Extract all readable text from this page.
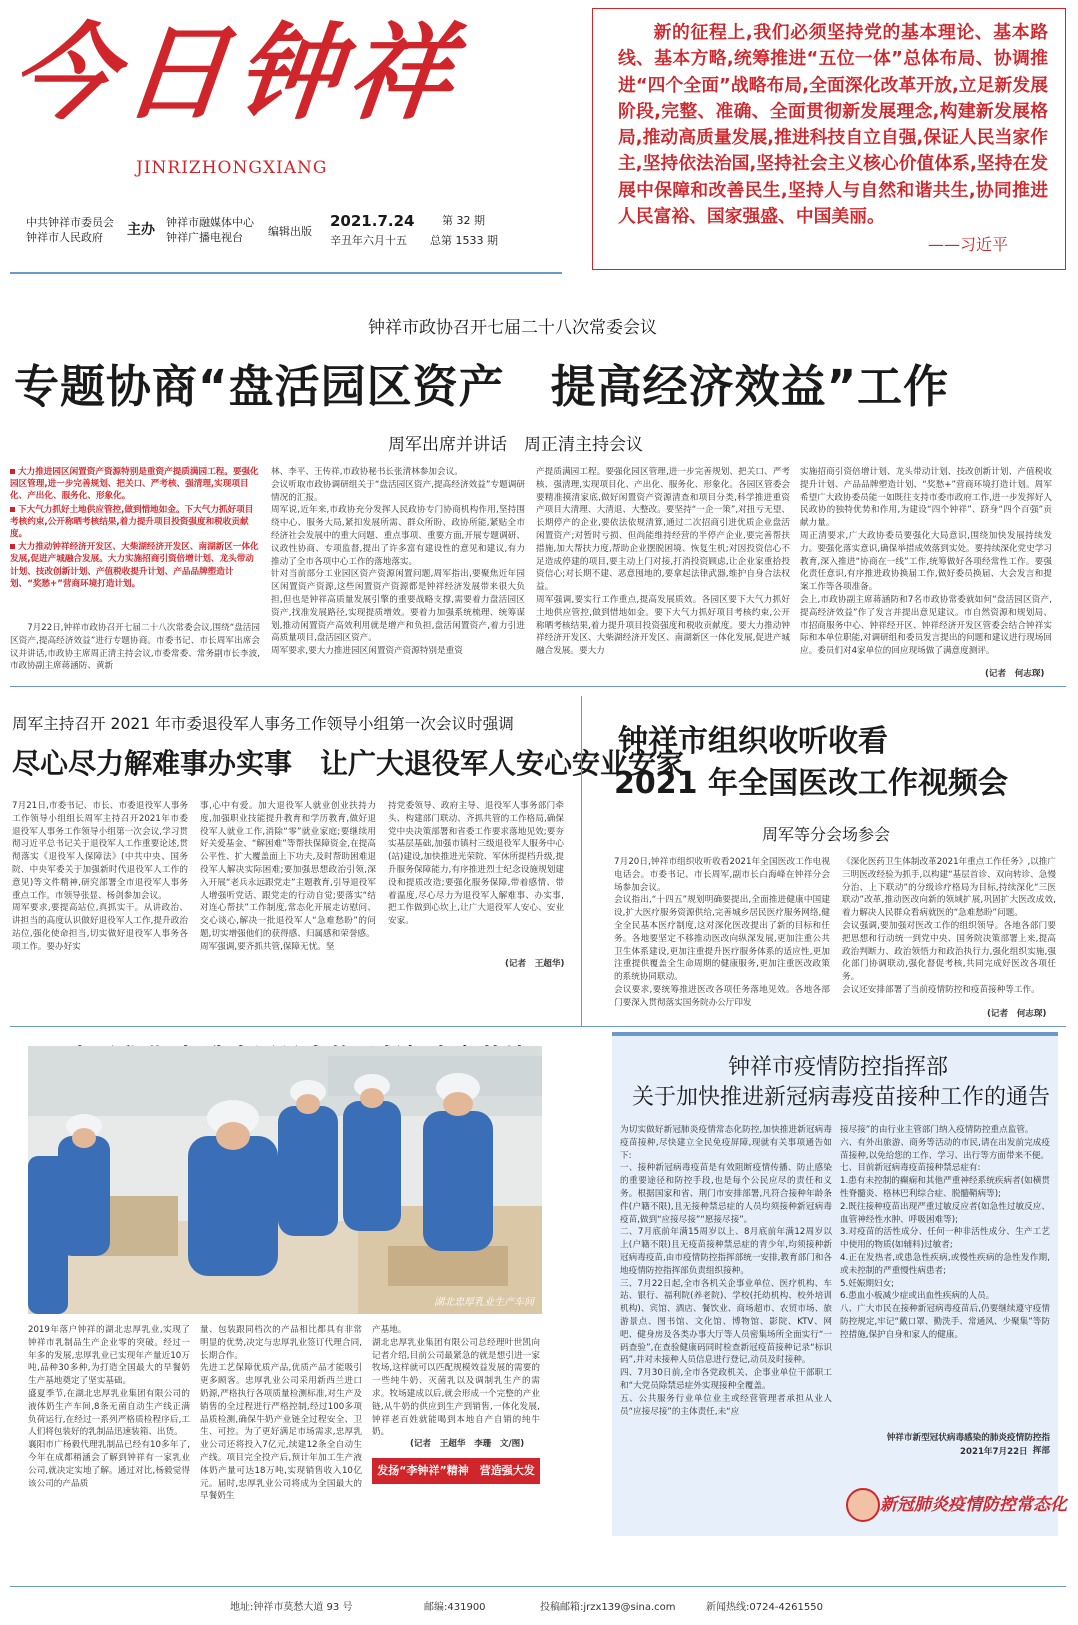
今日钟祥
JINRIZHONGXIANG
中共钟祥市委员会
钟祥市人民政府	主办 钟祥市融媒体中心
钟祥广播电视台	编辑出版
2021.7.24
辛丑年六月十五
第 32 期
总第 1533 期
新的征程上,我们必须坚持党的基本理论、基本路线、基本方略,统筹推进“五位一体”总体布局、协调推进“四个全面”战略布局,全面深化改革开放,立足新发展阶段,完整、准确、全面贯彻新发展理念,构建新发展格局,推动高质量发展,推进科技自立自强,保证人民当家作主,坚持依法治国,坚持社会主义核心价值体系,坚持在发展中保障和改善民生,坚持人与自然和谐共生,协同推进人民富裕、国家强盛、中国美丽。
——习近平
钟祥市政协召开七届二十八次常委会议
专题协商“盘活园区资产　提高经济效益”工作
周军出席并讲话　周正清主持会议
大力推进园区闲置资产资源特别是重资产提质满园工程。要强化园区管理,进一步完善规划、把关口、严考核、强清理,实现项目化、产出化、服务化、形象化。
下大气力抓好土地供应管控,做到惜地如金。下大气力抓好项目考核约束,公开称晒考核结果,着力提升项目投资强度和税收贡献度。
大力推动钟祥经济开发区、大柴湖经济开发区、南湖新区一体化发展,促进产城融合发展。大力实施招商引资倍增计划、龙头带动计划、技改创新计划、产值税收提升计划、产品品牌塑造计划、“奖愁+”营商环境打造计划。

7月22日,钟祥市政协召开七届二十八次常委会议,围绕“盘活园区资产,提高经济效益”进行专题协商。市委书记、市长周军出席会议并讲话,市政协主席周正清主持会议,市委常委、常务副市长李波,市政协副主席蒋涵防、黄新

林、李平、王传祥,市政协秘书长张清林参加会议。
会议听取市政协调研组关于“盘活园区资产,提高经济效益”专题调研情况的汇报。
周军说,近年来,市政协充分发挥人民政协专门协商机构作用,坚持围绕中心、服务大局,紧扣发展所需、群众所盼、政协所能,紧贴全市经济社会发展中的重大问题、重点事项、重要方面,开展专题调研、议政性协商、专项监督,提出了许多富有建设性的意见和建议,有力推动了全市各项中心工作的落地落实。
针对当前部分工业园区资产资源闲置问题,周军指出,要聚焦近年园区闲置资产资源,这些闲置资产资源都是钟祥经济发展带来很大负担,但也是钟祥高质量发展引擎的重要战略支撑,需要着力盘活园区资产,找准发展路径,实现提质增效。要着力加强系统梳理、统筹谋划,推动闲置资产高效利用就是增产和负担,盘活闲置资产,着力引进高质量项目,盘活园区资产。
周军要求,要大力推进园区闲置资产资源特别是重资
产提质满园工程。要强化园区管理,进一步完善规划、把关口、严考核、强清理,实现项目化、产出化、服务化、形象化。各园区管委会要精准摸清家底,做好闲置资产资源清查和项目分类,科学推进重资产项目大清理、大清退、大整改。要坚持“一企一策”,对扭亏无望、长期停产的企业,要依法依规清算,通过二次招商引进优质企业盘活闲置资产;对暂时亏损、但尚能维持经营的半停产企业,要完善帮扶措施,加大帮扶力度,帮助企业摆脱困境、恢复生机;对因投资信心不足造成停建的项目,要主动上门对接,打消投资顾虑,让企业家重拾投资信心;对长期不建、恶意囤地的,要拿起法律武器,维护自身合法权益。
周军强调,要实行工作重点,提高发展质效。各园区要下大气力抓好土地供应管控,做到惜地如金。要下大气力抓好项目考核约束,公开称晒考核结果,着力提升项目投资强度和税收贡献度。要大力推动钟祥经济开发区、大柴湖经济开发区、南湖新区一体化发展,促进产城融合发展。要大力
实施招商引资倍增计划、龙头带动计划、技改创新计划、产值税收提升计划、产品品牌塑造计划、“奖愁+”营商环境打造计划。周军希望广大政协委员能一如既往支持市委市政府工作,进一步发挥好人民政协的独特优势和作用,为建设“四个钟祥”、跻身“四个百强”贡献力量。
周正清要求,广大政协委员要强化大局意识,围绕加快发展持续发力。要强化落实意识,确保举措成效落到实处。要持续深化党史学习教育,深入推进“协商在一线”工作,统筹做好各项经常性工作。要强化责任意识,有序推进政协换届工作,做好委员换届、大会发言和提案工作等各项准备。
会上,市政协副主席蒋涵防和7名市政协常委就如何“盘活园区资产,提高经济效益”作了发言并提出意见建议。市自然资源和规划局、市招商服务中心、钟祥经开区、钟祥经济开发区管委会结合钟祥实际和本单位职能,对调研组和委员发言提出的问题和建议进行现场回应。委员们对4家单位的回应现场做了满意度测评。
(记者　何志琛)
周军主持召开 2021 年市委退役军人事务工作领导小组第一次会议时强调
尽心尽力解难事办实事　让广大退役军人安心安业安家
7月21日,市委书记、市长、市委退役军人事务工作领导小组组长周军主持召开2021年市委退役军人事务工作领导小组第一次会议,学习贯彻习近平总书记关于退役军人工作重要论述,贯彻落实《退役军人保障法》(中共中央、国务院、中央军委关于加强新时代退役军人工作的意见)等文件精神,研究部署全市退役军人事务重点工作。市领导张显、杨剑参加会议。
周军要求,要提高站位,真抓实干。从讲政治、讲担当的高度认识做好退役军人工作,提升政治站位,强化使命担当,切实做好退役军人事务各项工作。要办好实
事,心中有爱。加大退役军人就业创业扶持力度,加强职业技能提升教育和学历教育,做好退役军人就业工作,消除“零”就业家庭;要继续用好关爱基金、“解困难”等帮扶保障资金,在提高公平性、扩大覆盖面上下功夫,及时帮助困难退役军人解决实际困难;要加强思想政治引领,深入开展“老兵永远跟党走”主题教育,引导退役军人增强听党话、跟党走的行动自觉;要落实“结对连心帮扶”工作制度,常态化开展走访慰问、交心谈心,解决一批退役军人“急难愁盼”的问题,切实增强他们的获得感、归属感和荣誉感。
周军强调,要齐抓共管,保障无忧。坚
持党委领导、政府主导、退役军人事务部门牵头、构建部门联动、齐抓共管的工作格局,确保党中央决策部署和省委工作要求落地见效;要夯实基层基础,加强市镇村三级退役军人服务中心(站)建设,加快推进光荣院、军休所提档升级,提升服务保障能力,有序推进烈士纪念设施规划建设和提质改造;要强化服务保障,带着感情、带着温度,尽心尽力为退役军人解难事、办实事,把工作做到心坎上,让广大退役军人安心、安业安家。
(记者　王超华)
钟祥市组织收听收看
2021 年全国医改工作视频会
周军等分会场参会
7月20日,钟祥市组织收听收看2021年全国医改工作电视电话会。市委书记、市长周军,副市长白海峰在钟祥分会场参加会议。
会议指出,“十四五”规划明确要提出,全面推进健康中国建设,扩大医疗服务资源供给,完善城乡居民医疗服务网络,健全全民基本医疗制度,这对深化医改提出了新的目标和任务。各地要坚定不移推动医改向纵深发展,更加注重公共卫生体系建设,更加注重提升医疗服务体系的适应性,更加注重提供覆盖全生命周期的健康服务,更加注重医改政策的系统协同联动。
会议要求,要统筹推进医改各项任务落地见效。各地各部门要深入贯彻落实国务院办公厅印发
《深化医药卫生体制改革2021年重点工作任务》,以推广三明医改经验为抓手,以构建“基层首诊、双向转诊、急慢分治、上下联动”的分级诊疗格局为目标,持续深化“三医联动”改革,推动医改向新的领域扩展,巩固扩大医改成效,着力解决人民群众看病就医的“急难愁盼”问题。
会议强调,要加强对医改工作的组织领导。各地各部门要把思想和行动统一到党中央、国务院决策部署上来,提高政治判断力、政治领悟力和政治执行力,强化组织实施,强化部门协调联动,强化督促考核,共同完成好医改各项任务。
会议还安排部署了当前疫情防控和疫苗接种等工作。
(记者　何志琛)
湖北忠厚乳业生产车间
2019年落户钟祥的湖北忠厚乳业,实现了钟祥市乳制品生产企业零的突破。经过一年多的发展,忠厚乳业已实现年产量近10万吨,品种30多种,为打造全国最大的早餐奶生产基地奠定了坚实基础。
盛夏季节,在湖北忠厚乳业集团有限公司的液体奶生产车间,8条无菌自动生产线正满负荷运行,在经过一系列严格质检程序后,工人们将包装好的乳制品迅速装箱、出货。
襄阳市广杨毅代理乳制品已经有10多年了,今年在成都稍涵会了解到钟祥有一家乳业公司,就决定实地了解。通过对比,杨毅觉得该公司的产品质
量、包装跟同档次的产品相比都具有非常明显的优势,决定与忠厚乳业签订代理合同,长期合作。
先进工艺保障优质产品,优质产品才能吸引更多顾客。忠厚乳业公司采用新西兰进口奶源,严格执行各项质量检测标准,对生产及销售的全过程进行严格控制,经过100多项品质检测,确保牛奶产业链全过程安全、卫生、可控。为了更好满足市场需求,忠厚乳业公司还将投入7亿元,续建12条全自动生产线。项目完全投产后,预计年加工生产液体奶产量可达18万吨,实现销售收入10亿元。届时,忠厚乳业公司将成为全国最大的早餐奶生
产基地。
湖北忠厚乳业集团有限公司总经理叶世凯向记者介绍,目前公司最紧急的就是想引进一家牧场,这样就可以匹配规模效益发展的需要的一些纯牛奶、灭菌乳以及调制乳生产的需求。牧场建成以后,就会形成一个完整的产业链,从牛奶的供应到生产到销售,一体化发展,钟祥老百姓就能喝到本地自产自销的纯牛奶。
(记者　王超华　李珊　文/图)
发扬“李钟祥”精神　营造强大发展气场
钟祥市疫情防控指挥部
关于加快推进新冠病毒疫苗接种工作的通告
为切实做好新冠肺炎疫情常态化防控,加快推进新冠病毒疫苗接种,尽快建立全民免疫屏障,现就有关事项通告如下:
一、接种新冠病毒疫苗是有效阻断疫情传播、防止感染的重要途径和防控手段,也是每个公民应尽的责任和义务。根据国家和省、荆门市安排部署,凡符合接种年龄条件(户籍不限),且无接种禁忌症的人员均须接种新冠病毒疫苗,做到“应接尽接”“愿接尽接”。
二、7月底前年满15周岁以上、8月底前年满12周岁以上(户籍不限)且无疫苗接种禁忌症的青少年,均须接种新冠病毒疫苗,由市疫情防控指挥部统一安排,教育部门和各地疫情防控指挥部负责组织接种。
三、7月22日起,全市各机关企事业单位、医疗机构、车站、银行、福利院(养老院)、学校(托幼机构、校外培训机构)、宾馆、酒店、餐饮业、商场超市、农贸市场、旅游景点、图书馆、文化馆、博物馆、影院、KTV、网吧、健身房及各类办事大厅等人员密集场所全面实行“一码查验”,在查验健康码同时检查新冠疫苗接种记录“标识码”,并对未接种人员信息进行登记,动员及时接种。
四、7月30日前,全市各党政机关、企事业单位干部职工和“大党员除禁忌症外实现接种全覆盖。
五、公共服务行业单位业主或经营管理者承担从业人员“应接尽接”的主体责任,未“应
接尽接”的由行业主管部门纳入疫情防控重点监管。
六、有外出旅游、商务等活动的市民,请在出发前完成疫苗接种,以免给您的工作、学习、出行等方面带来不便。
七、目前新冠病毒疫苗接种禁忌症有:
1.患有未控制的癫痫和其他严重神经系统疾病者(如横贯性脊髓炎、格林巴利综合症、脱髓鞘病等);
2.既往接种疫苗出现严重过敏反应者(如急性过敏反应、血管神经性水肿、呼吸困难等);
3.对疫苗的活性成分、任何一种非活性成分、生产工艺中使用的物质(如辅料)过敏者;
4.正在发热者,或患急性疾病,或慢性疾病的急性发作期,或未控制的严重慢性病患者;
5.妊娠期妇女;
6.患血小板减少症或出血性疾病的人员。
八、广大市民在接种新冠病毒疫苗后,仍要继续遵守疫情防控规定,牢记“戴口罩、勤洗手、常通风、少聚集”等防控措施,保护自身和家人的健康。
钟祥市新型冠状病毒感染的肺炎疫情防控指挥部
2021年7月22日
新冠肺炎疫情防控常态化
地址:钟祥市莫愁大道 93 号	邮编:431900	投稿邮箱:jrzx139@sina.com	新闻热线:0724-4261550
